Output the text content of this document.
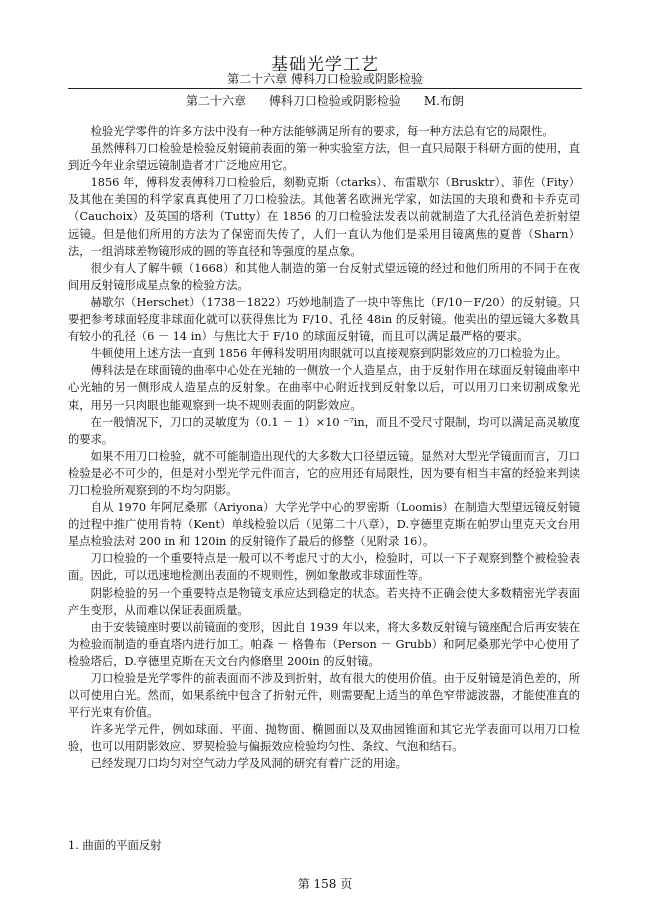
基础光学工艺
第二十六章 傅科刀口检验或阴影检验
第二十六章      傅科刀口检验或阴影检验      M.布朗

检验光学零件的许多方法中没有一种方法能够满足所有的要求，每一种方法总有它的局限性。

虽然傅科刀口检验是检验反射镜前表面的第一种实验室方法，但一直只局限于科研方面的使用，直到近今年业余望远镜制造者才广泛地应用它。

1856 年，傅科发表傅科刀口检验后，刻勒克斯（ctarks）、布雷歇尔（Brusktr）、菲佐（Fity）及其他在美国的科学家真真使用了刀口检验法。其他著名欧洲光学家，如法国的夫琅和费和卡乔克司（Cauchoix）及英国的塔利（Tutty）在 1856 的刀口检验法发表以前就制造了大孔径消色差折射望远镜。但是他们所用的方法为了保密而失传了，人们一直认为他们是采用目镜离焦的夏普（Sharn）法，一组消球差物镜形成的圆的等直径和等强度的星点象。

很少有人了解牛顿（1668）和其他人制造的第一台反射式望远镜的经过和他们所用的不同于在夜间用反射镜形成星点象的检验方法。

赫歇尔（Herschet）（1738－1822）巧妙地制造了一块中等焦比（F/10－F/20）的反射镜。只要把参考球面轻度非球面化就可以获得焦比为 F/10、孔径 48in 的反射镜。他卖出的望远镜大多数具有较小的孔径（6 － 14 in）与焦比大于 F/10 的球面反射镜，而且可以满足最严格的要求。

牛顿使用上述方法一直到 1856 年傅科发明用肉眼就可以直接观察到阴影效应的刀口检验为止。

傅科法是在球面镜的曲率中心处在光轴的一侧放一个人造星点，由于反射作用在球面反射镜曲率中心光轴的另一侧形成人造星点的反射象。在曲率中心附近找到反射象以后，可以用刀口来切割成象光束，用另一只肉眼也能观察到一块不规则表面的阴影效应。

在一般情况下，刀口的灵敏度为（0.1 － 1）×10 ⁻⁷in，而且不受尺寸限制，均可以满足高灵敏度的要求。

如果不用刀口检验，就不可能制造出现代的大多数大口径望远镜。显然对大型光学镜面而言，刀口检验是必不可少的，但是对小型光学元件而言，它的应用还有局限性，因为要有相当丰富的经验来判读刀口检验所观察到的不均匀阴影。

自从 1970 年阿尼桑那（Ariyona）大学光学中心的罗密斯（Loomis）在制造大型望远镜反射镜的过程中推广使用肯特（Kent）单线检验以后（见第二十八章），D.亨德里克斯在帕罗山里克天文台用星点检验法对 200 in 和 120in 的反射镜作了最后的修整（见附录 16）。

刀口检验的一个重要特点是一般可以不考虑尺寸的大小，检验时，可以一下子观察到整个被检验表面。因此，可以迅速地检测出表面的不规则性，例如象散或非球面性等。

阴影检验的另一个重要特点是物镜支承应达到稳定的状态。若夹持不正确会使大多数精密光学表面产生变形，从而难以保证表面质量。

由于安装镜座时要以前镜面的变形，因此自 1939 年以来，将大多数反射镜与镜座配合后再安装在为检验而制造的垂直塔内进行加工。帕森 － 格鲁布（Person － Grubb）和阿尼桑那光学中心使用了检验塔后，D.亨德里克斯在天文台内修磨里 200in 的反射镜。

刀口检验是光学零件的前表面而不涉及到折射，故有很大的使用价值。由于反射镜是消色差的，所以可使用白光。然而，如果系统中包含了折射元件，则需要配上适当的单色窄带滤波器，才能使准直的平行光束有价值。

许多光学元件，例如球面、平面、抛物面、椭圆面以及双曲园锥面和其它光学表面可以用刀口检验，也可以用阴影效应、罗契检验与偏振效应检验均匀性、条纹、气泡和结石。

已经发现刀口均匀对空气动力学及风洞的研究有着广泛的用途。

1. 曲面的平面反射
第 158 页
